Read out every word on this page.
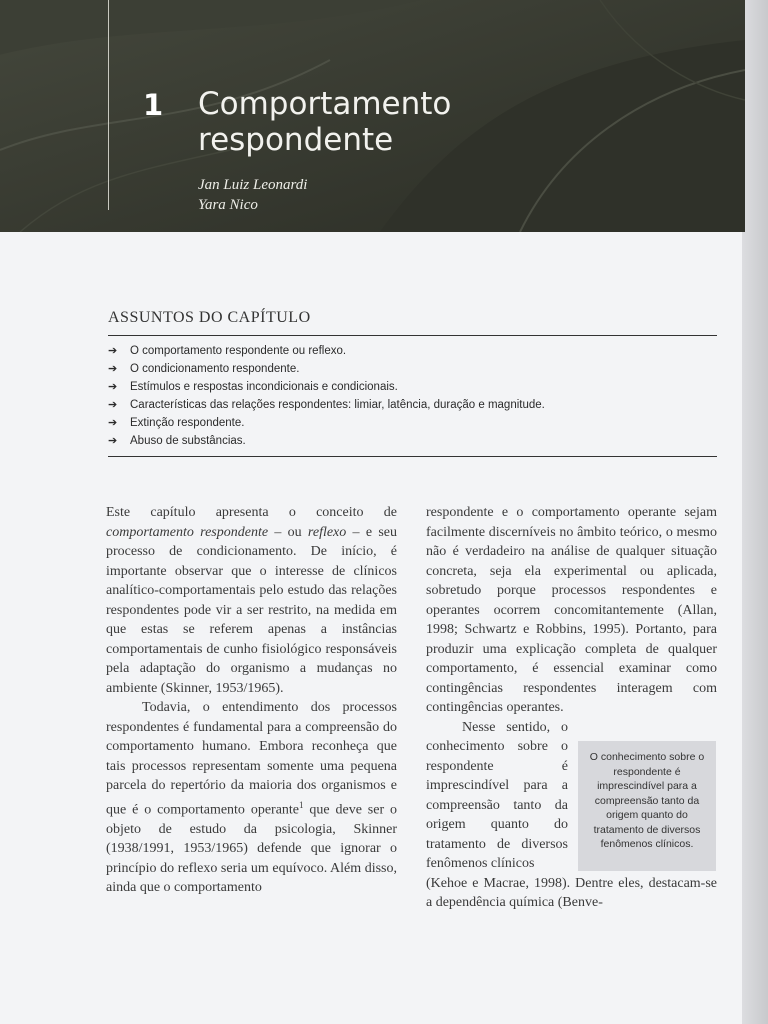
1 Comportamento
respondente
Jan Luiz Leonardi
Yara Nico
ASSUNTOS DO CAPÍTULO
➔	O comportamento respondente ou reflexo.
➔	O condicionamento respondente.
➔	Estímulos e respostas incondicionais e condicionais.
➔	Características das relações respondentes: limiar, latência, duração e magnitude.
➔	Extinção respondente.
➔	Abuso de substâncias.

Este capítulo apresenta o conceito de comportamento respondente – ou reflexo – e seu processo de condicionamento. De início, é importante observar que o interesse de clínicos analítico-comportamentais pelo estudo das relações respondentes pode vir a ser restrito, na medida em que estas se referem apenas a instâncias comportamentais de cunho fisiológico responsáveis pela adaptação do organismo a mudanças no ambiente (Skinner, 1953/1965).

Todavia, o entendimento dos processos respondentes é fundamental para a compreensão do comportamento humano. Embora reconheça que tais processos representam somente uma pequena parcela do repertório da maioria dos organismos e que é o comportamento operante$^1$ que deve ser o objeto de estudo da psicologia, Skinner (1938/1991, 1953/1965) defende que ignorar o princípio do reflexo seria um equívoco. Além disso, ainda que o comportamento

respondente e o comportamento operante sejam facilmente discerníveis no âmbito teórico, o mesmo não é verdadeiro na análise de qualquer situação concreta, seja ela experimental ou aplicada, sobretudo porque processos respondentes e operantes ocorrem concomitantemente (Allan, 1998; Schwartz e Robbins, 1995). Portanto, para produzir uma explicação completa de qualquer comportamento, é essencial examinar como contingências respondentes interagem com contingências operantes.

Nesse sentido, o conhecimento sobre o respondente é imprescindível para a compreensão tanto da origem quanto do tratamento de diversos fenômenos clínicos
(Kehoe e Macrae, 1998). Dentre eles, destacam-se a dependência química (Benve-

O conhecimento sobre o respondente é imprescindível para a compreensão tanto da origem quanto do tratamento de diversos fenômenos clínicos.
